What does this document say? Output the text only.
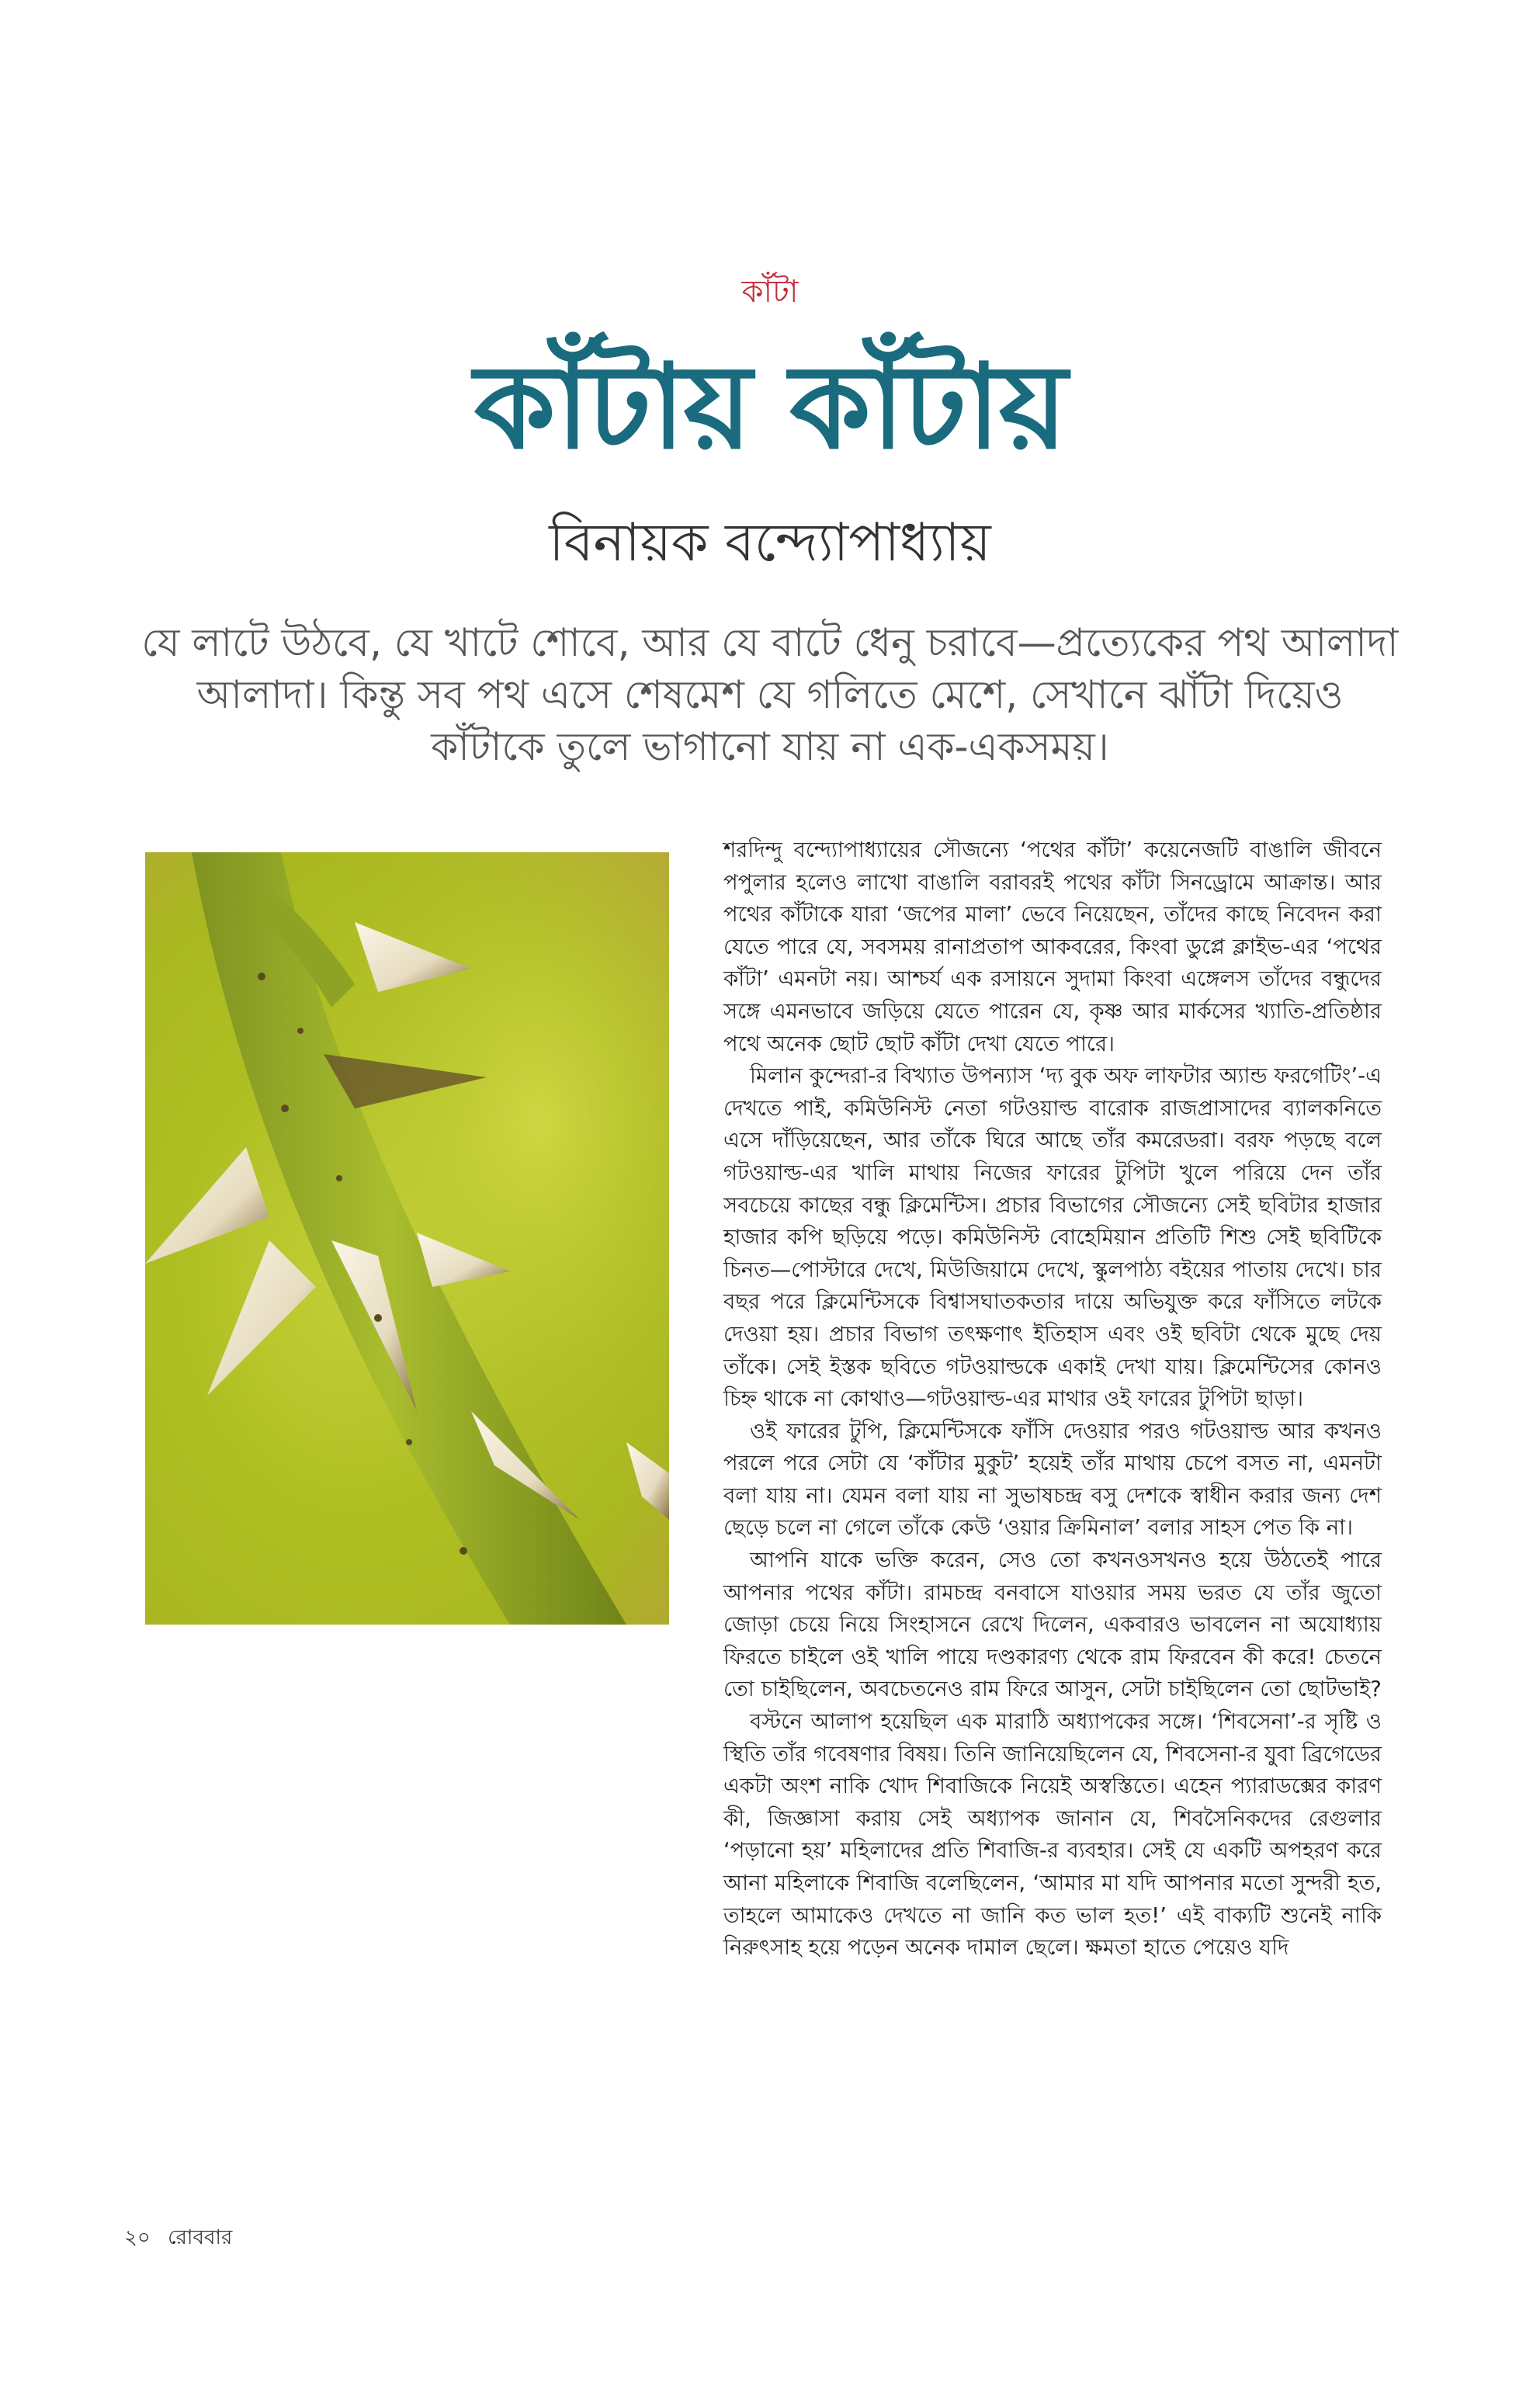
কাঁটা
কাঁটায় কাঁটায়
বিনায়ক বন্দ্যোপাধ্যায়
যে লাটে উঠবে, যে খাটে শোবে, আর যে বাটে ধেনু চরাবে—প্রত্যেকের পথ আলাদা আলাদা। কিন্তু সব পথ এসে শেষমেশ যে গলিতে মেশে, সেখানে ঝাঁটা দিয়েও কাঁটাকে তুলে ভাগানো যায় না এক-একসময়।

শরদিন্দু বন্দ্যোপাধ্যায়ের সৌজন্যে ‘পথের কাঁটা’ কয়েনেজটি বাঙালি জীবনে পপুলার হলেও লাখো বাঙালি বরাবরই পথের কাঁটা সিনড্রোমে আক্রান্ত। আর পথের কাঁটাকে যারা ‘জপের মালা’ ভেবে নিয়েছেন, তাঁদের কাছে নিবেদন করা যেতে পারে যে, সবসময় রানাপ্রতাপ আকবরের, কিংবা ডুপ্লে ক্লাইভ-এর ‘পথের কাঁটা’ এমনটা নয়। আশ্চর্য এক রসায়নে সুদামা কিংবা এঙ্গেলস তাঁদের বন্ধুদের সঙ্গে এমনভাবে জড়িয়ে যেতে পারেন যে, কৃষ্ণ আর মার্কসের খ্যাতি-প্রতিষ্ঠার পথে অনেক ছোট ছোট কাঁটা দেখা যেতে পারে।

মিলান কুন্দেরা-র বিখ্যাত উপন্যাস ‘দ্য বুক অফ লাফটার অ্যান্ড ফরগেটিং’-এ দেখতে পাই, কমিউনিস্ট নেতা গটওয়াল্ড বারোক রাজপ্রাসাদের ব্যালকনিতে এসে দাঁড়িয়েছেন, আর তাঁকে ঘিরে আছে তাঁর কমরেডরা। বরফ পড়ছে বলে গটওয়াল্ড-এর খালি মাথায় নিজের ফারের টুপিটা খুলে পরিয়ে দেন তাঁর সবচেয়ে কাছের বন্ধু ক্লিমেন্টিস। প্রচার বিভাগের সৌজন্যে সেই ছবিটার হাজার হাজার কপি ছড়িয়ে পড়ে। কমিউনিস্ট বোহেমিয়ান প্রতিটি শিশু সেই ছবিটিকে চিনত—পোস্টারে দেখে, মিউজিয়ামে দেখে, স্কুলপাঠ্য বইয়ের পাতায় দেখে। চার বছর পরে ক্লিমেন্টিসকে বিশ্বাসঘাতকতার দায়ে অভিযুক্ত করে ফাঁসিতে লটকে দেওয়া হয়। প্রচার বিভাগ তৎক্ষণাৎ ইতিহাস এবং ওই ছবিটা থেকে মুছে দেয় তাঁকে। সেই ইস্তক ছবিতে গটওয়াল্ডকে একাই দেখা যায়। ক্লিমেন্টিসের কোনও চিহ্ন থাকে না কোথাও—গটওয়াল্ড-এর মাথার ওই ফারের টুপিটা ছাড়া।

ওই ফারের টুপি, ক্লিমেন্টিসকে ফাঁসি দেওয়ার পরও গটওয়াল্ড আর কখনও পরলে পরে সেটা যে ‘কাঁটার মুকুট’ হয়েই তাঁর মাথায় চেপে বসত না, এমনটা বলা যায় না। যেমন বলা যায় না সুভাষচন্দ্র বসু দেশকে স্বাধীন করার জন্য দেশ ছেড়ে চলে না গেলে তাঁকে কেউ ‘ওয়ার ক্রিমিনাল’ বলার সাহস পেত কি না।

আপনি যাকে ভক্তি করেন, সেও তো কখনওসখনও হয়ে উঠতেই পারে আপনার পথের কাঁটা। রামচন্দ্র বনবাসে যাওয়ার সময় ভরত যে তাঁর জুতো জোড়া চেয়ে নিয়ে সিংহাসনে রেখে দিলেন, একবারও ভাবলেন না অযোধ্যায় ফিরতে চাইলে ওই খালি পায়ে দণ্ডকারণ্য থেকে রাম ফিরবেন কী করে! চেতনে তো চাইছিলেন, অবচেতনেও রাম ফিরে আসুন, সেটা চাইছিলেন তো ছোটভাই?

বস্টনে আলাপ হয়েছিল এক মারাঠি অধ্যাপকের সঙ্গে। ‘শিবসেনা’-র সৃষ্টি ও স্থিতি তাঁর গবেষণার বিষয়। তিনি জানিয়েছিলেন যে, শিবসেনা-র যুবা ব্রিগেডের একটা অংশ নাকি খোদ শিবাজিকে নিয়েই অস্বস্তিতে। এহেন প্যারাডক্সের কারণ কী, জিজ্ঞাসা করায় সেই অধ্যাপক জানান যে, শিবসৈনিকদের রেগুলার ‘পড়ানো হয়’ মহিলাদের প্রতি শিবাজি-র ব্যবহার। সেই যে একটি অপহরণ করে আনা মহিলাকে শিবাজি বলেছিলেন, ‘আমার মা যদি আপনার মতো সুন্দরী হত, তাহলে আমাকেও দেখতে না জানি কত ভাল হত!’ এই বাক্যটি শুনেই নাকি নিরুৎসাহ হয়ে পড়েন অনেক দামাল ছেলে। ক্ষমতা হাতে পেয়েও যদি

২০ রোববার
